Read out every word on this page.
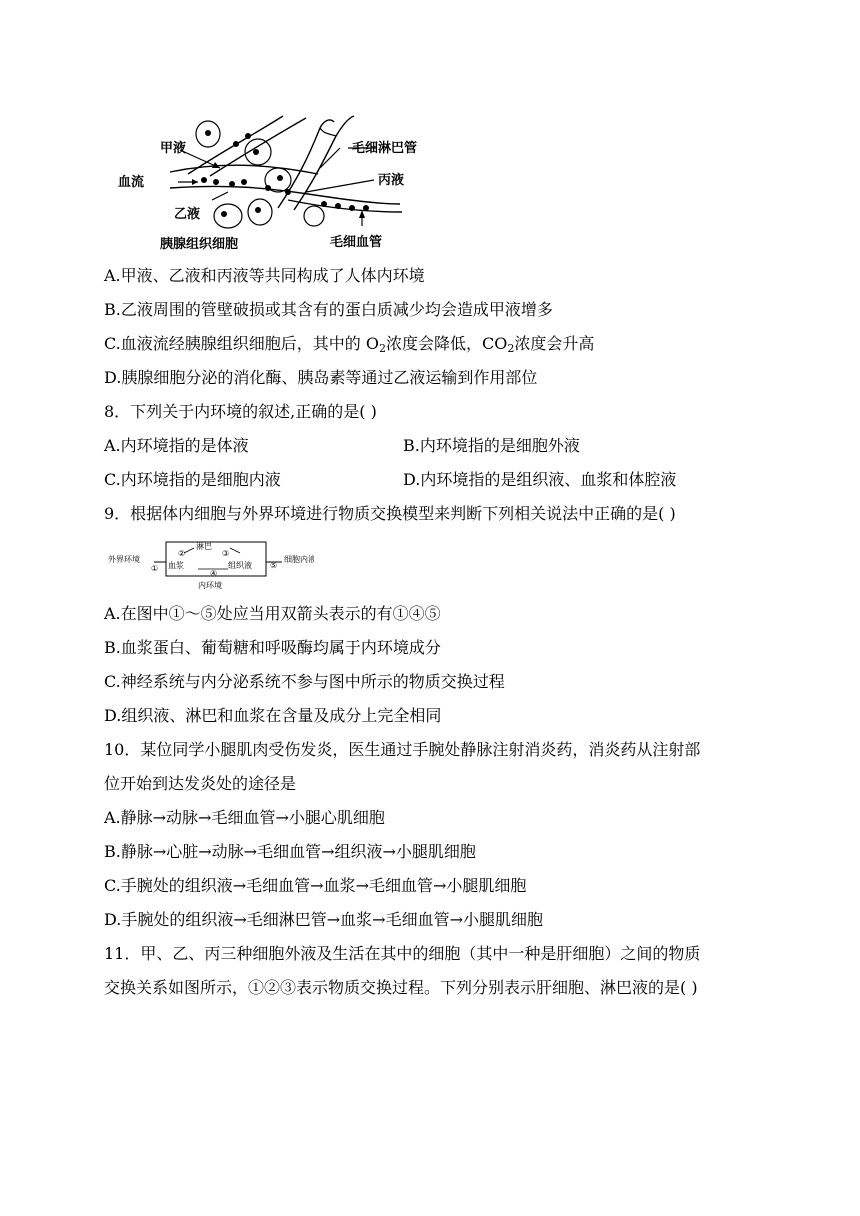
甲液
血流
乙液
胰腺组织细胞
毛细淋巴管
丙液
毛细血管
A.甲液、乙液和丙液等共同构成了人体内环境
B.乙液周围的管壁破损或其含有的蛋白质减少均会造成甲液增多
C.血液流经胰腺组织细胞后，其中的 $O_2$浓度会降低，$CO_2$浓度会升高
D.胰腺细胞分泌的消化酶、胰岛素等通过乙液运输到作用部位
8．下列关于内环境的叙述,正确的是( )
A.内环境指的是体液	B.内环境指的是细胞外液
C.内环境指的是细胞内液	D.内环境指的是组织液、血浆和体腔液
9．根据体内细胞与外界环境进行物质交换模型来判断下列相关说法中正确的是( )
外界环境
①
淋巴
②	③
血浆
④
组织液 ⑤
细胞内液
内环境
A.在图中①～⑤处应当用双箭头表示的有①④⑤
B.血浆蛋白、葡萄糖和呼吸酶均属于内环境成分
C.神经系统与内分泌系统不参与图中所示的物质交换过程
D.组织液、淋巴和血浆在含量及成分上完全相同
10．某位同学小腿肌肉受伤发炎，医生通过手腕处静脉注射消炎药，消炎药从注射部
位开始到达发炎处的途径是
A.静脉→动脉→毛细血管→小腿心肌细胞
B.静脉→心脏→动脉→毛细血管→组织液→小腿肌细胞
C.手腕处的组织液→毛细血管→血浆→毛细血管→小腿肌细胞
D.手腕处的组织液→毛细淋巴管→血浆→毛细血管→小腿肌细胞
11．甲、乙、丙三种细胞外液及生活在其中的细胞（其中一种是肝细胞）之间的物质
交换关系如图所示，①②③表示物质交换过程。下列分别表示肝细胞、淋巴液的是( )
